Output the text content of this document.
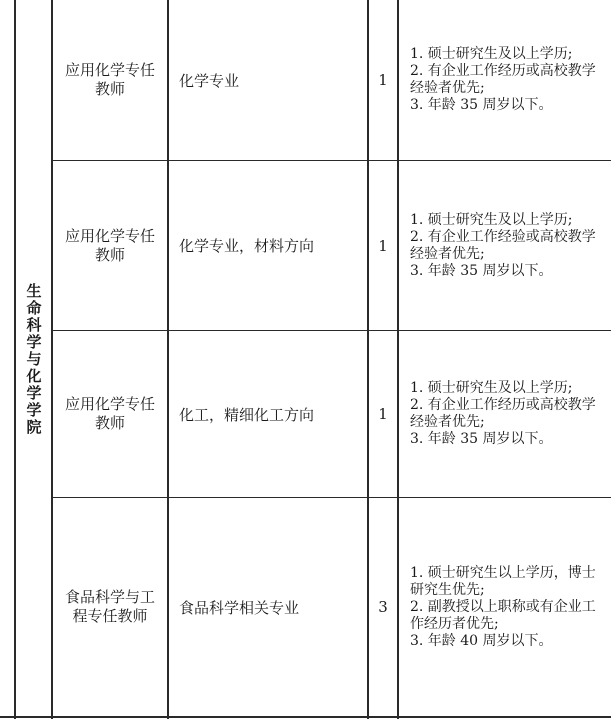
生命科学与化学学院
应用化学专任教师	化学专业	1
1. 硕士研究生及以上学历;
2. 有企业工作经历或高校教学经验者优先;
3. 年龄 35 周岁以下。
应用化学专任教师	化学专业，材料方向	1
1. 硕士研究生及以上学历;
2. 有企业工作经验或高校教学经验者优先;
3. 年龄 35 周岁以下。
应用化学专任教师	化工，精细化工方向	1
1. 硕士研究生及以上学历;
2. 有企业工作经历或高校教学经验者优先;
3. 年龄 35 周岁以下。
食品科学与工程专任教师	食品科学相关专业	3
1. 硕士研究生以上学历，博士研究生优先;
2. 副教授以上职称或有企业工作经历者优先;
3. 年龄 40 周岁以下。
